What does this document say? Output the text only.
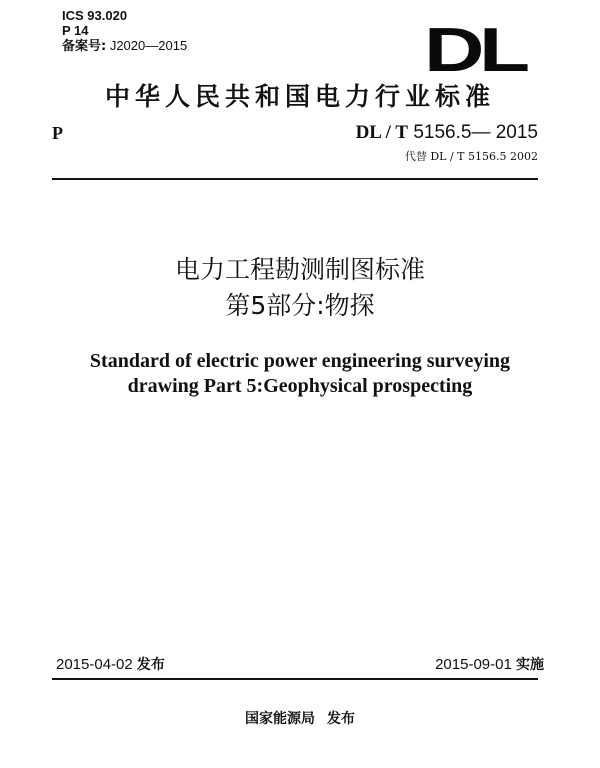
ICS 93.020
P 14
备案号: J2020—2015	DL
中华人民共和国电力行业标准
P	DL / T 5156.5— 2015
代替 DL / T 5156.5 2002
电力工程勘测制图标准
第5部分:物探
Standard of electric power engineering surveying
drawing Part 5:Geophysical prospecting
2015-04-02 发布	2015-09-01 实施
国家能源局 发布
